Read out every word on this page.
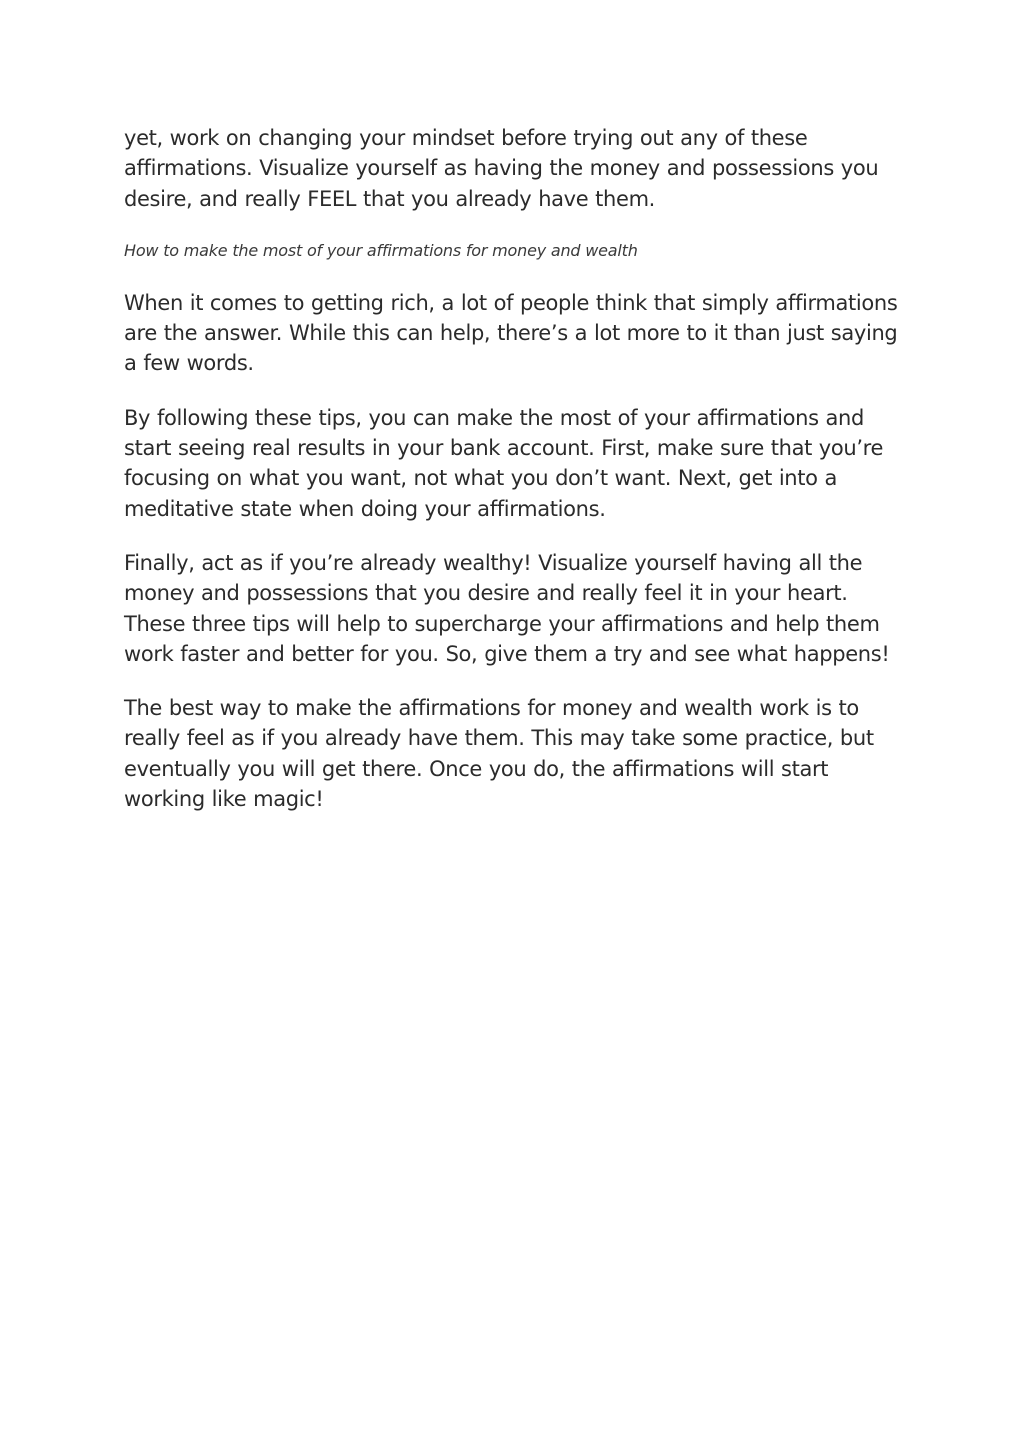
yet, work on changing your mindset before trying out any of these affirmations. Visualize yourself as having the money and possessions you desire, and really FEEL that you already have them.

How to make the most of your affirmations for money and wealth

When it comes to getting rich, a lot of people think that simply affirmations are the answer. While this can help, there’s a lot more to it than just saying a few words.

By following these tips, you can make the most of your affirmations and start seeing real results in your bank account. First, make sure that you’re focusing on what you want, not what you don’t want. Next, get into a meditative state when doing your affirmations.

Finally, act as if you’re already wealthy! Visualize yourself having all the money and possessions that you desire and really feel it in your heart. These three tips will help to supercharge your affirmations and help them work faster and better for you. So, give them a try and see what happens!

The best way to make the affirmations for money and wealth work is to really feel as if you already have them. This may take some practice, but eventually you will get there. Once you do, the affirmations will start working like magic!
